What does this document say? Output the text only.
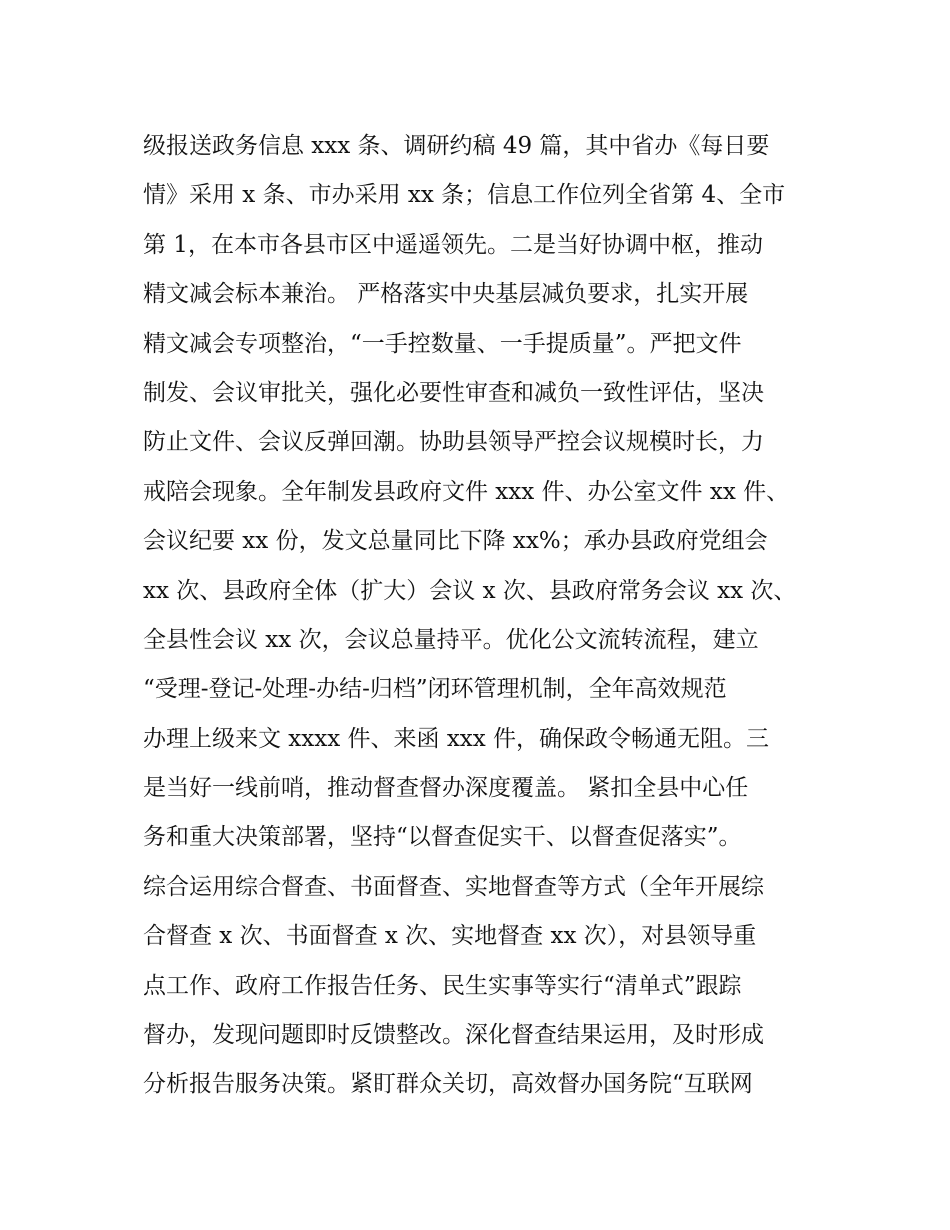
级报送政务信息 xxx 条、调研约稿 49 篇，其中省办《每日要
情》采用 x 条、市办采用 xx 条；信息工作位列全省第 4、全市
第 1，在本市各县市区中遥遥领先。二是当好协调中枢，推动
精文减会标本兼治。 严格落实中央基层减负要求，扎实开展
精文减会专项整治，“一手控数量、一手提质量”。严把文件
制发、会议审批关，强化必要性审查和减负一致性评估，坚决
防止文件、会议反弹回潮。协助县领导严控会议规模时长，力
戒陪会现象。全年制发县政府文件 xxx 件、办公室文件 xx 件、
会议纪要 xx 份，发文总量同比下降 xx%；承办县政府党组会
xx 次、县政府全体（扩大）会议 x 次、县政府常务会议 xx 次、
全县性会议 xx 次，会议总量持平。优化公文流转流程，建立
“受理-登记-处理-办结-归档”闭环管理机制，全年高效规范
办理上级来文 xxxx 件、来函 xxx 件，确保政令畅通无阻。三
是当好一线前哨，推动督查督办深度覆盖。 紧扣全县中心任
务和重大决策部署，坚持“以督查促实干、以督查促落实”。
综合运用综合督查、书面督查、实地督查等方式（全年开展综
合督查 x 次、书面督查 x 次、实地督查 xx 次），对县领导重
点工作、政府工作报告任务、民生实事等实行“清单式”跟踪
督办，发现问题即时反馈整改。深化督查结果运用，及时形成
分析报告服务决策。紧盯群众关切，高效督办国务院“互联网
